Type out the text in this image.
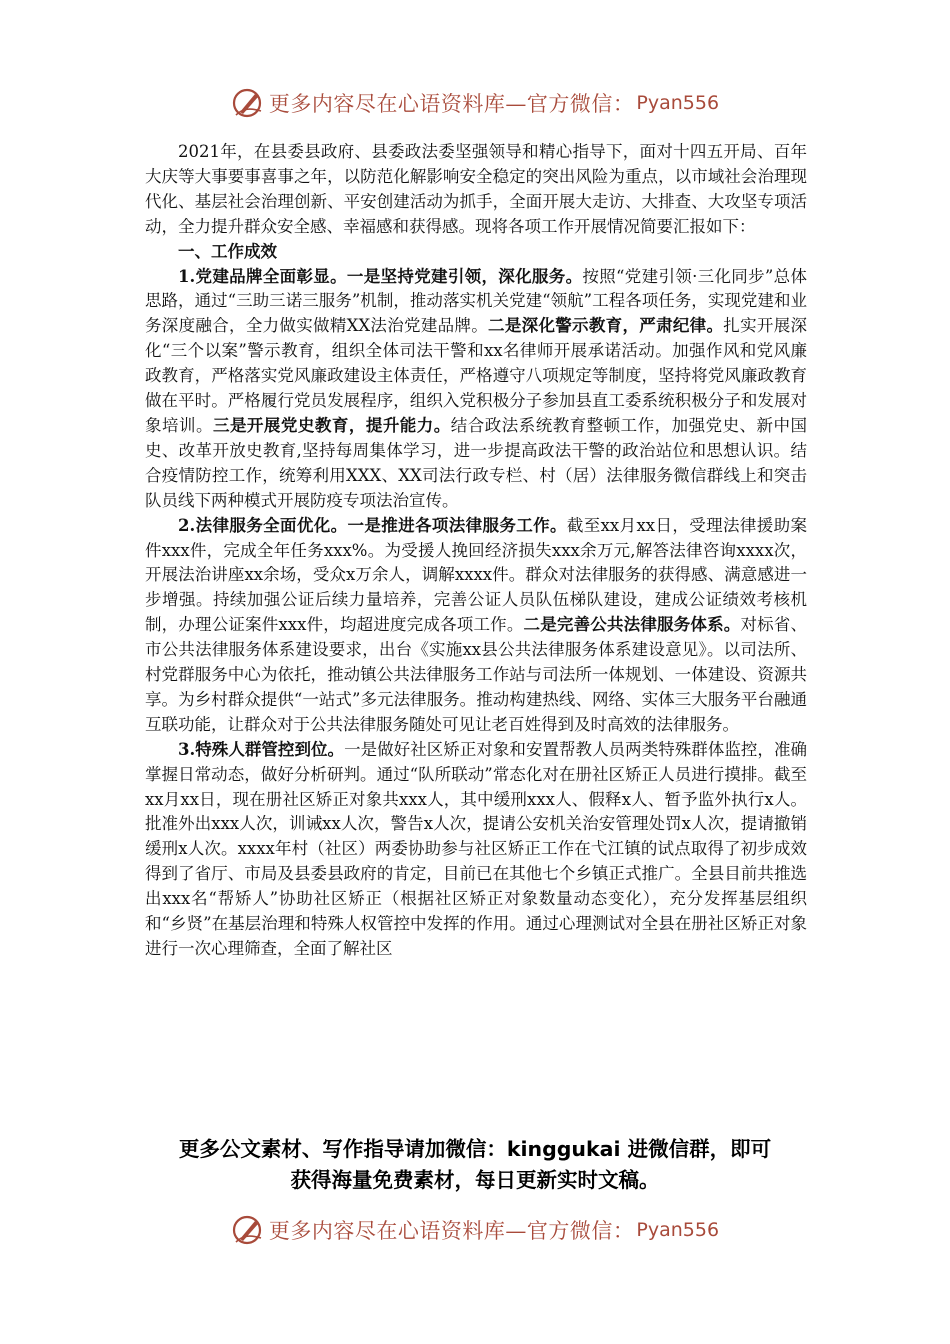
更多内容尽在心语资料库—官方微信： Pyan556

2021年，在县委县政府、县委政法委坚强领导和精心指导下，面对十四五开局、百年大庆等大事要事喜事之年，以防范化解影响安全稳定的突出风险为重点，以市域社会治理现代化、基层社会治理创新、平安创建活动为抓手，全面开展大走访、大排查、大攻坚专项活动，全力提升群众安全感、幸福感和获得感。现将各项工作开展情况简要汇报如下：

一、工作成效

1.党建品牌全面彰显。一是坚持党建引领，深化服务。按照“党建引领·三化同步”总体思路，通过“三助三诺三服务”机制，推动落实机关党建“领航”工程各项任务，实现党建和业务深度融合，全力做实做精XX法治党建品牌。二是深化警示教育，严肃纪律。扎实开展深化“三个以案”警示教育，组织全体司法干警和xx名律师开展承诺活动。加强作风和党风廉政教育，严格落实党风廉政建设主体责任，严格遵守八项规定等制度，坚持将党风廉政教育做在平时。严格履行党员发展程序，组织入党积极分子参加县直工委系统积极分子和发展对象培训。三是开展党史教育，提升能力。结合政法系统教育整顿工作，加强党史、新中国史、改革开放史教育,坚持每周集体学习，进一步提高政法干警的政治站位和思想认识。结合疫情防控工作，统筹利用XXX、XX司法行政专栏、村（居）法律服务微信群线上和突击队员线下两种模式开展防疫专项法治宣传。

2.法律服务全面优化。一是推进各项法律服务工作。截至xx月xx日，受理法律援助案件xxx件，完成全年任务xxx%。为受援人挽回经济损失xxx余万元,解答法律咨询xxxx次，开展法治讲座xx余场，受众x万余人，调解xxxx件。群众对法律服务的获得感、满意感进一步增强。持续加强公证后续力量培养，完善公证人员队伍梯队建设，建成公证绩效考核机制，办理公证案件xxx件，均超进度完成各项工作。二是完善公共法律服务体系。对标省、市公共法律服务体系建设要求，出台《实施xx县公共法律服务体系建设意见》。以司法所、村党群服务中心为依托，推动镇公共法律服务工作站与司法所一体规划、一体建设、资源共享。为乡村群众提供“一站式”多元法律服务。推动构建热线、网络、实体三大服务平台融通互联功能，让群众对于公共法律服务随处可见让老百姓得到及时高效的法律服务。

3.特殊人群管控到位。一是做好社区矫正对象和安置帮教人员两类特殊群体监控，准确掌握日常动态，做好分析研判。通过“队所联动”常态化对在册社区矫正人员进行摸排。截至xx月xx日，现在册社区矫正对象共xxx人，其中缓刑xxx人、假释x人、暂予监外执行x人。批准外出xxx人次，训诫xx人次，警告x人次，提请公安机关治安管理处罚x人次，提请撤销缓刑x人次。xxxx年村（社区）两委协助参与社区矫正工作在弋江镇的试点取得了初步成效得到了省厅、市局及县委县政府的肯定，目前已在其他七个乡镇正式推广。全县目前共推选出xxx名“帮矫人”协助社区矫正（根据社区矫正对象数量动态变化），充分发挥基层组织和“乡贤”在基层治理和特殊人权管控中发挥的作用。通过心理测试对全县在册社区矫正对象进行一次心理筛查，全面了解社区

更多公文素材、写作指导请加微信：kinggukai 进微信群，即可
获得海量免费素材，每日更新实时文稿。
更多内容尽在心语资料库—官方微信： Pyan556
